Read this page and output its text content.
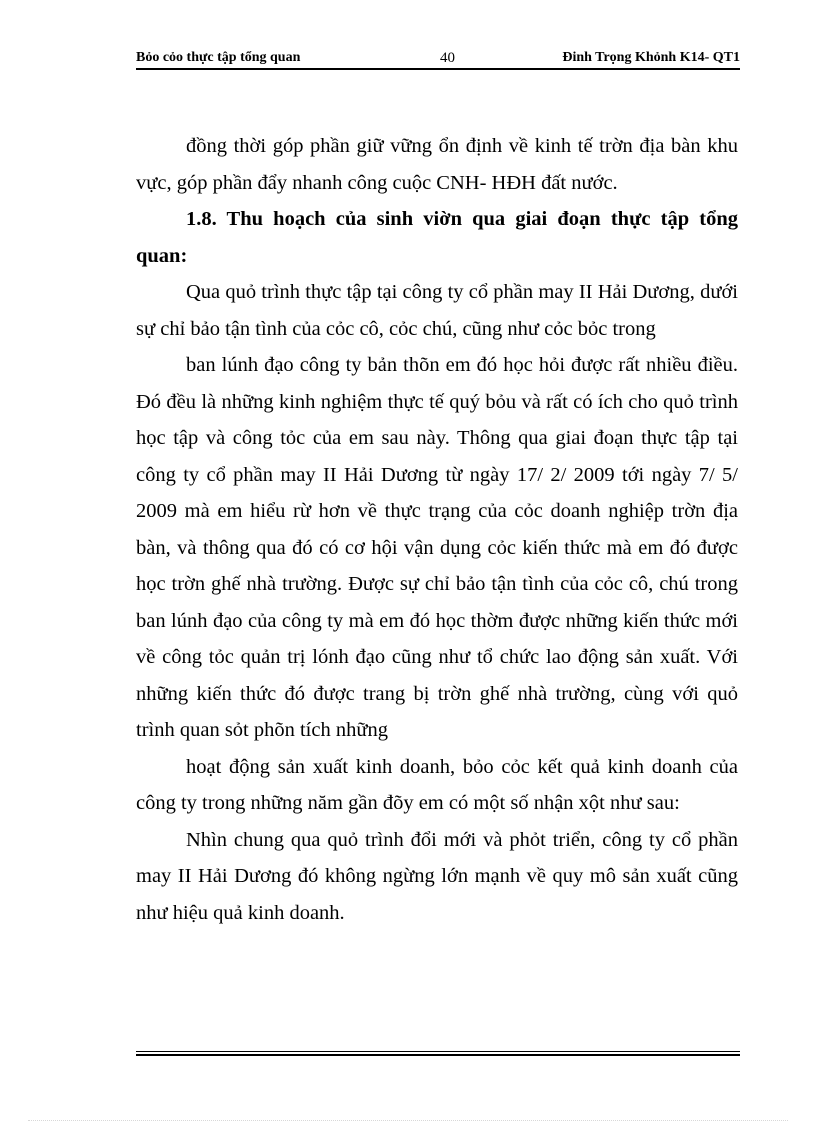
Bỏo cỏo thực tập tổng quan	40	Đinh Trọng Khỏnh K14- QT1

đồng thời góp phần giữ vững ổn định về kinh tế trờn địa bàn khu vực, góp phần đẩy nhanh công cuộc CNH- HĐH đất nước.

1.8. Thu hoạch của sinh viờn qua giai đoạn thực tập tổng quan:

Qua quỏ trình thực tập tại công ty cổ phần may II Hải Dương, dưới sự chỉ bảo tận tình của cỏc cô, cỏc chú, cũng như cỏc bỏc trong

ban lúnh đạo công ty bản thõn em đó học hỏi được rất nhiều điều. Đó đều là những kinh nghiệm thực tế quý bỏu và rất có ích cho quỏ trình học tập và công tỏc của em sau này. Thông qua giai đoạn thực tập tại công ty cổ phần may II Hải Dương từ ngày 17/ 2/ 2009 tới ngày 7/ 5/ 2009 mà em hiểu rừ hơn về thực trạng của cỏc doanh nghiệp trờn địa bàn, và thông qua đó có cơ hội vận dụng cỏc kiến thức mà em đó được học trờn ghế nhà trường. Được sự chỉ bảo tận tình của cỏc cô, chú trong ban lúnh đạo của công ty mà em đó học thờm được những kiến thức mới về công tỏc quản trị lónh đạo cũng như tổ chức lao động sản xuất. Với những kiến thức đó được trang bị trờn ghế nhà trường, cùng với quỏ trình quan sỏt phõn tích những

hoạt động sản xuất kinh doanh, bỏo cỏc kết quả kinh doanh của công ty trong những năm gần đõy em có một số nhận xột như sau:

Nhìn chung qua quỏ trình đổi mới và phỏt triển, công ty cổ phần may II Hải Dương đó không ngừng lớn mạnh về quy mô sản xuất cũng như hiệu quả kinh doanh.
